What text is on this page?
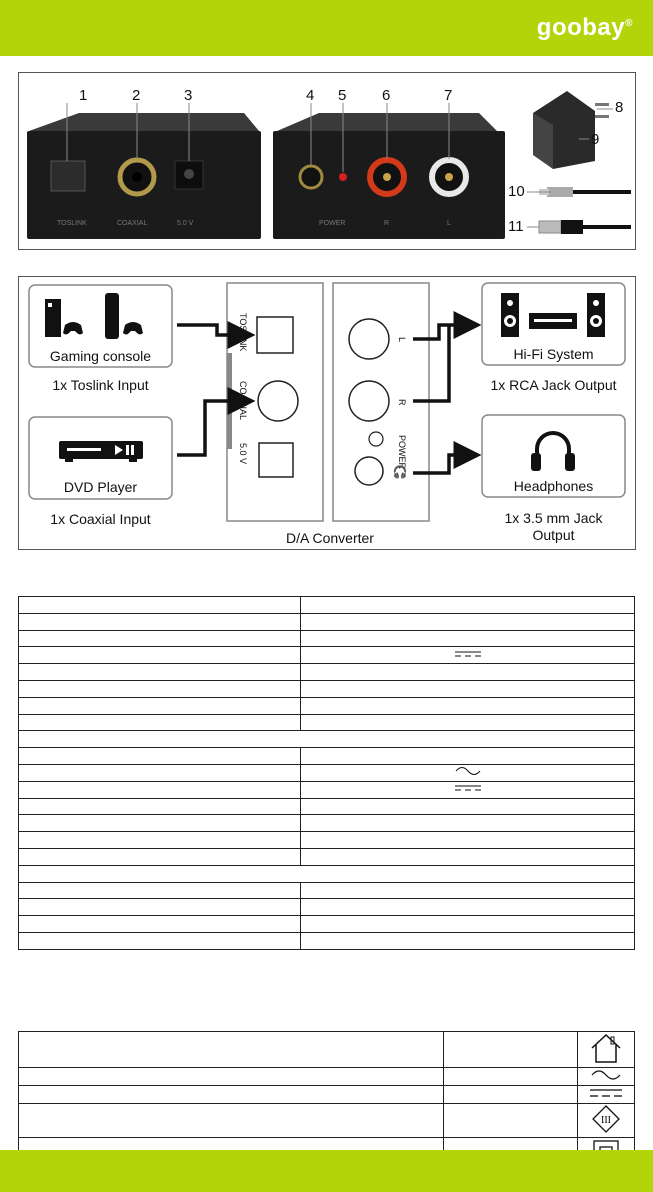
goobay®
TOSLINK	COAXIAL	5.0 V	POWER	R	L
1	2	3	4 5 6	7
8
9
10
11
Gaming console
1x Toslink Input
DVD Player
1x Coaxial Input
TOSLINK
COAXIAL
5.0 V
L
R
POWER
🎧
D/A Converter
Hi-Fi System
1x RCA Jack Output
Headphones
1x 3.5 mm Jack
Output

III
